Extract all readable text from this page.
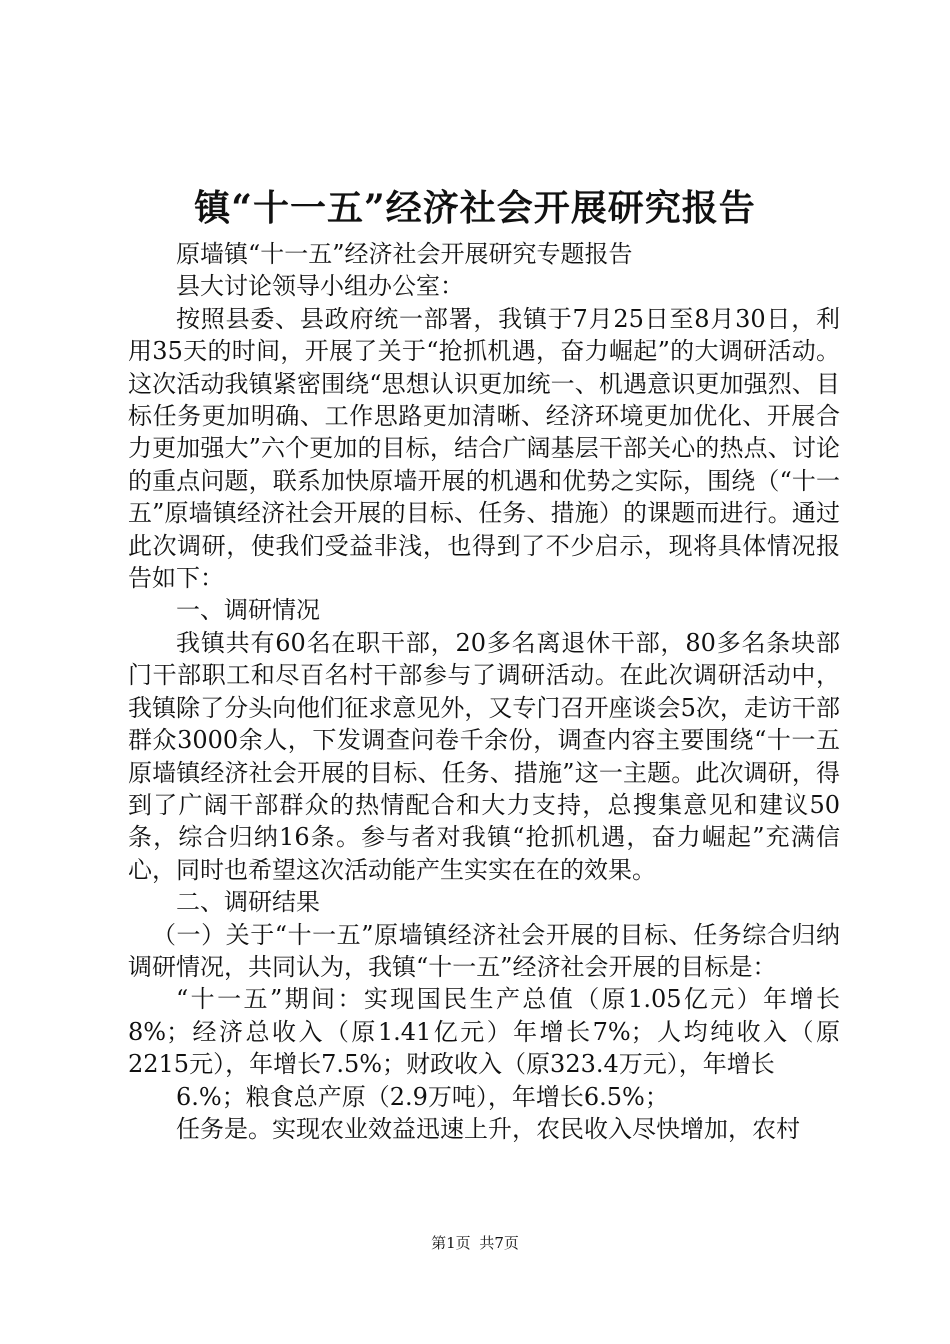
镇“十一五”经济社会开展研究报告

原墙镇“十一五”经济社会开展研究专题报告

县大讨论领导小组办公室：

按照县委、县政府统一部署，我镇于7月25日至8月30日，利用35天的时间，开展了关于“抢抓机遇，奋力崛起”的大调研活动。这次活动我镇紧密围绕“思想认识更加统一、机遇意识更加强烈、目标任务更加明确、工作思路更加清晰、经济环境更加优化、开展合力更加强大”六个更加的目标，结合广阔基层干部关心的热点、讨论的重点问题，联系加快原墙开展的机遇和优势之实际，围绕（“十一五”原墙镇经济社会开展的目标、任务、措施）的课题而进行。通过此次调研，使我们受益非浅，也得到了不少启示，现将具体情况报告如下：

一、调研情况

我镇共有60名在职干部，20多名离退休干部，80多名条块部门干部职工和尽百名村干部参与了调研活动。在此次调研活动中，我镇除了分头向他们征求意见外，又专门召开座谈会5次，走访干部群众3000余人，下发调查问卷千余份，调查内容主要围绕“十一五原墙镇经济社会开展的目标、任务、措施”这一主题。此次调研，得到了广阔干部群众的热情配合和大力支持，总搜集意见和建议50条，综合归纳16条。参与者对我镇“抢抓机遇，奋力崛起”充满信心，同时也希望这次活动能产生实实在在的效果。

二、调研结果

（一）关于“十一五”原墙镇经济社会开展的目标、任务综合归纳调研情况，共同认为，我镇“十一五”经济社会开展的目标是：

“十一五”期间：实现国民生产总值（原1.05亿元）年增长8%；经济总收入（原1.41亿元）年增长7%；人均纯收入（原2215元），年增长7.5%；财政收入（原323.4万元），年增长

6.%；粮食总产原（2.9万吨），年增长6.5%；

任务是。实现农业效益迅速上升，农民收入尽快增加，农村

第1页 共7页
